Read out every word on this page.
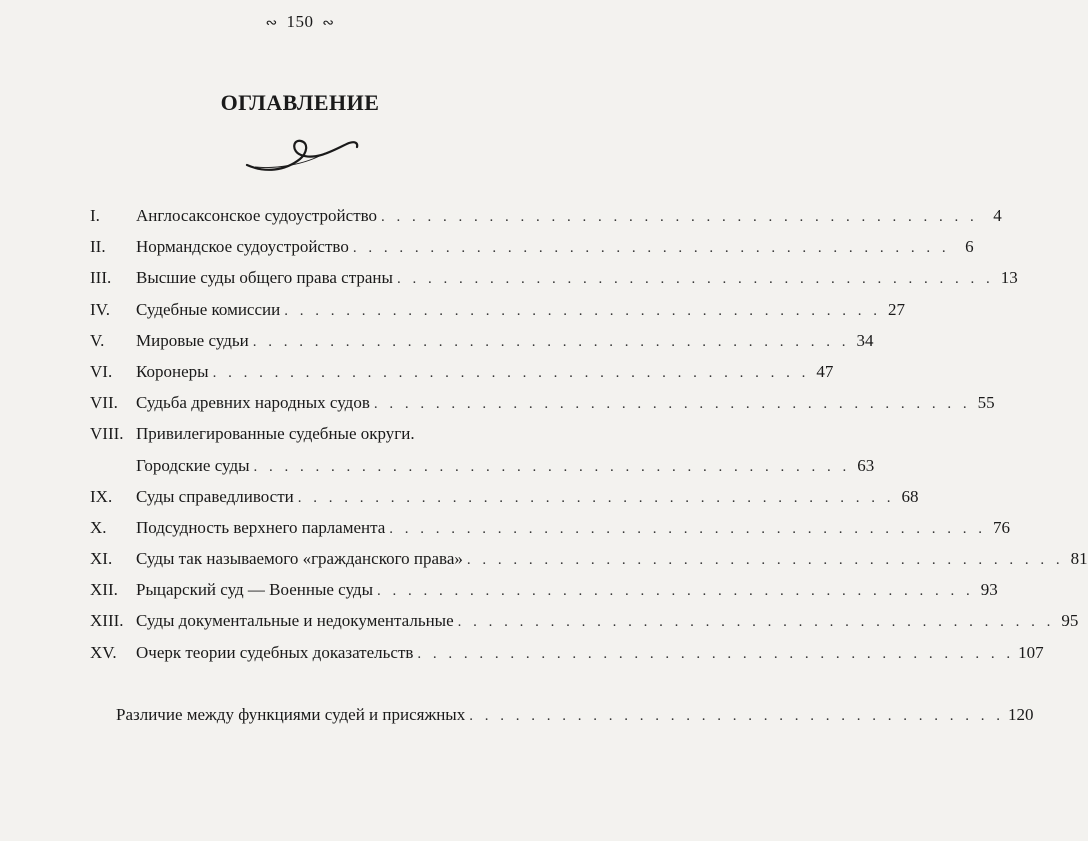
∾ 150 ∾
ОГЛАВЛЕНИЕ
I.	Англосаксонское судоустройство . . . . . . . . . . . . . . . . . . . . . . . . . . . . . . . . . . . . . . . 4
II.	Нормандское судоустройство . . . . . . . . . . . . . . . . . . . . . . . . . . . . . . . . . . . . . . . 6
III.	Высшие суды общего права страны . . . . . . . . . . . . . . . . . . . . . . . . . . . . . . . . . . . . . . . 13
IV.	Судебные комиссии . . . . . . . . . . . . . . . . . . . . . . . . . . . . . . . . . . . . . . . 27
V.	Мировые судьи . . . . . . . . . . . . . . . . . . . . . . . . . . . . . . . . . . . . . . . 34
VI.	Коронеры . . . . . . . . . . . . . . . . . . . . . . . . . . . . . . . . . . . . . . . 47
VII.	Судьба древних народных судов . . . . . . . . . . . . . . . . . . . . . . . . . . . . . . . . . . . . . . . 55
VIII. Привилегированные судебные округи.
Городские суды . . . . . . . . . . . . . . . . . . . . . . . . . . . . . . . . . . . . . . . 63
IX.	Суды справедливости . . . . . . . . . . . . . . . . . . . . . . . . . . . . . . . . . . . . . . . 68
X.	Подсудность верхнего парламента . . . . . . . . . . . . . . . . . . . . . . . . . . . . . . . . . . . . . . . 76
XI.	Суды так называемого «гражданского права» . . . . . . . . . . . . . . . . . . . . . . . . . . . . . . . . . . . . . . . 81
XII.	Рыцарский суд — Военные суды . . . . . . . . . . . . . . . . . . . . . . . . . . . . . . . . . . . . . . . 93
XIII. Суды документальные и недокументальные . . . . . . . . . . . . . . . . . . . . . . . . . . . . . . . . . . . . . . . 95
XV.	Очерк теории судебных доказательств . . . . . . . . . . . . . . . . . . . . . . . . . . . . . . . . . . . . . . . 107
Различие между функциями судей и присяжных . . . . . . . . . . . . . . . . . . . . . . . . . . . . . . . . . . . 120
